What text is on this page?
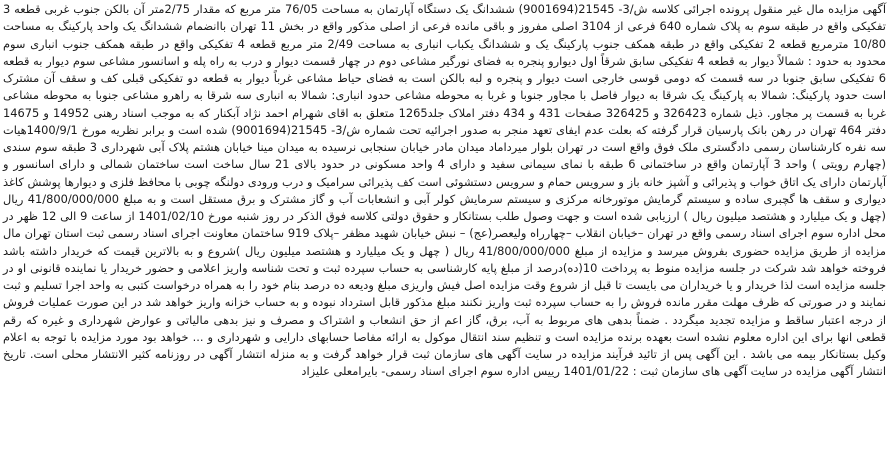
آگهی مزایده مال غیر منقول پرونده اجرائی کلاسه ش/3- 21545(9001694) ششدانگ یک دستگاه آپارتمان به مساحت 76/05 متر مربع که مقدار 2/75متر آن بالکن جنوب غربی قطعه 3 تفکیکی واقع در طبقه سوم به پلاک شماره 640 فرعی از 3104 اصلی مفروز و باقی مانده فرعی از اصلی مذکور واقع در بخش 11 تهران باانضمام ششدانگ یک واحد پارکینگ به مساحت 10/80 مترمربع قطعه 2 تفکیکی واقع در طبقه همکف جنوب پارکینگ یک و ششدانگ یکباب انباری به مساحت 2/49 متر مربع قطعه 4 تفکیکی واقع در طبقه همکف جنوب انباری سوم محدود به حدود : شمالاً دیوار به قطعه 4 تفکیکی سابق شرقاً اول دیوارو پنجره به فضای نورگیر مشاعی دوم در چهار قسمت دیوار و درب به راه پله و اسانسور مشاعی سوم دیوار به قطعه 6 تفکیکی سابق جنوبا در سه قسمت که دومی قوسی خارجی است دیوار و پنجره و لبه بالکن است به فضای حیاط مشاعی غرباً دیوار به قطعه دو تفکیکی قبلی کف و سقف آن مشترک است حدود پارکینگ: شمالا به پارکینگ یک شرقا به دیوار فاصل با مجاور جنوبا و غربا به محوطه مشاعی حدود انباری: شمالا به انباری سه شرقا به راهرو مشاعی جنوبا به محوطه مشاعی غربا به قسمت پر مجاور. ذیل شماره 326423 و 326425 صفحات 431 و 434 دفتر املاک جلد1265 متعلق به اقای شهرام احمد نژاد آبکنار که به موجب اسناد رهنی 14952 و 14675 دفتر 464 تهران در رهن بانک پارسیان قرار گرفته که بعلت عدم ایفای تعهد منجر به صدور اجرائیه تحت شماره ش/3- 21545(9001694) شده است و برابر نظریه مورخ 1400/9/1هیات سه نفره کارشناسان رسمی دادگستری ملک فوق واقع است در تهران بلوار میرداماد میدان مادر خیابان سنجابی نرسیده به میدان مینا خیابان هشتم پلاک آبی شهرداری 3 طبقه سوم سندی (چهارم رویتی ) واحد 3 آپارتمان واقع در ساختمانی 6 طبقه با نمای سیمانی سفید و دارای 4 واحد مسکونی در حدود بالای 21 سال ساخت است ساختمان شمالی و دارای اسانسور و آپارتمان دارای یک اتاق خواب و پذیرائی و آشپز خانه باز و سرویس حمام و سرویس دستشوئی است کف پذیرائی سرامیک و درب ورودی دولنگه چوبی با محافظ فلزی و دیوارها پوشش کاغذ دیواری و سقف ها گچبری ساده و سیستم گرمایش موتورخانه مرکزی و سیستم سرمایش کولر آبی و انشعابات آب و گاز مشترک و برق مستقل است و به مبلغ 41/800/000/000 ریال (چهل و یک میلیارد و هشتصد میلیون ریال ) ارزیابی شده است و جهت وصول طلب بستانکار و حقوق دولتی کلاسه فوق الذکر در روز شنبه مورخ 1401/02/10 از ساعت 9 الی 12 ظهر در محل اداره سوم اجرای اسناد رسمی واقع در تهران –خیابان انقلاب –چهارراه ولیعصر(عج) – نبش خیابان شهید مظفر –پلاک 919 ساختمان معاونت اجرای اسناد رسمی ثبت استان تهران مال مزایده از طریق مزایده حضوری بفروش میرسد و مزایده از مبلغ 41/800/000/000 ریال ( چهل و یک میلیارد و هشتصد میلیون ریال )شروع و به بالاترین قیمت که خریدار داشته باشد فروخته خواهد شد شرکت در جلسه مزایده منوط به پرداخت 10(ده)درصد از مبلغ پایه کارشناسی به حساب سپرده ثبت و تحت شناسه واریز اعلامی و حضور خریدار یا نماینده قانونی او در جلسه مزایده است لذا خریدار و یا خریداران می بایست تا قبل از شروع وقت مزایده اصل فیش واریزی مبلغ ودیعه ده درصد بنام خود را به همراه درخواست کتبی به واحد اجرا تسلیم و ثبت نمایند و در صورتی که ظرف مهلت مقرر مانده فروش را به حساب سپرده ثبت واریز نکنند مبلغ مذکور قابل استرداد نبوده و به حساب خزانه واریز خواهد شد در این صورت عملیات فروش از درجه اعتبار ساقط و مزایده تجدید میگردد . ضمناً بدهی های مربوط به آب، برق، گاز اعم از حق انشعاب و اشتراک و مصرف و نیز بدهی مالیاتی و عوارض شهرداری و غیره که رقم قطعی انها برای این اداره معلوم نشده است بعهده برنده مزایده است و تنظیم سند انتقال موکول به ارائه مفاصا حسابهای دارایی و شهرداری و ... خواهد بود مورد مزایده با توجه به اعلام وکیل بستانکار بیمه می باشد . این آگهی پس از تائید فرآیند مزایده در سایت آگهی های سازمان ثبت قرار خواهد گرفت و به منزله انتشار آگهی در روزنامه کثیر الانتشار محلی است. تاریخ انتشار آگهی مزایده در سایت آگهی های سازمان ثبت : 1401/01/22 رییس اداره سوم اجرای اسناد رسمی- بایرامعلی علیزاد
